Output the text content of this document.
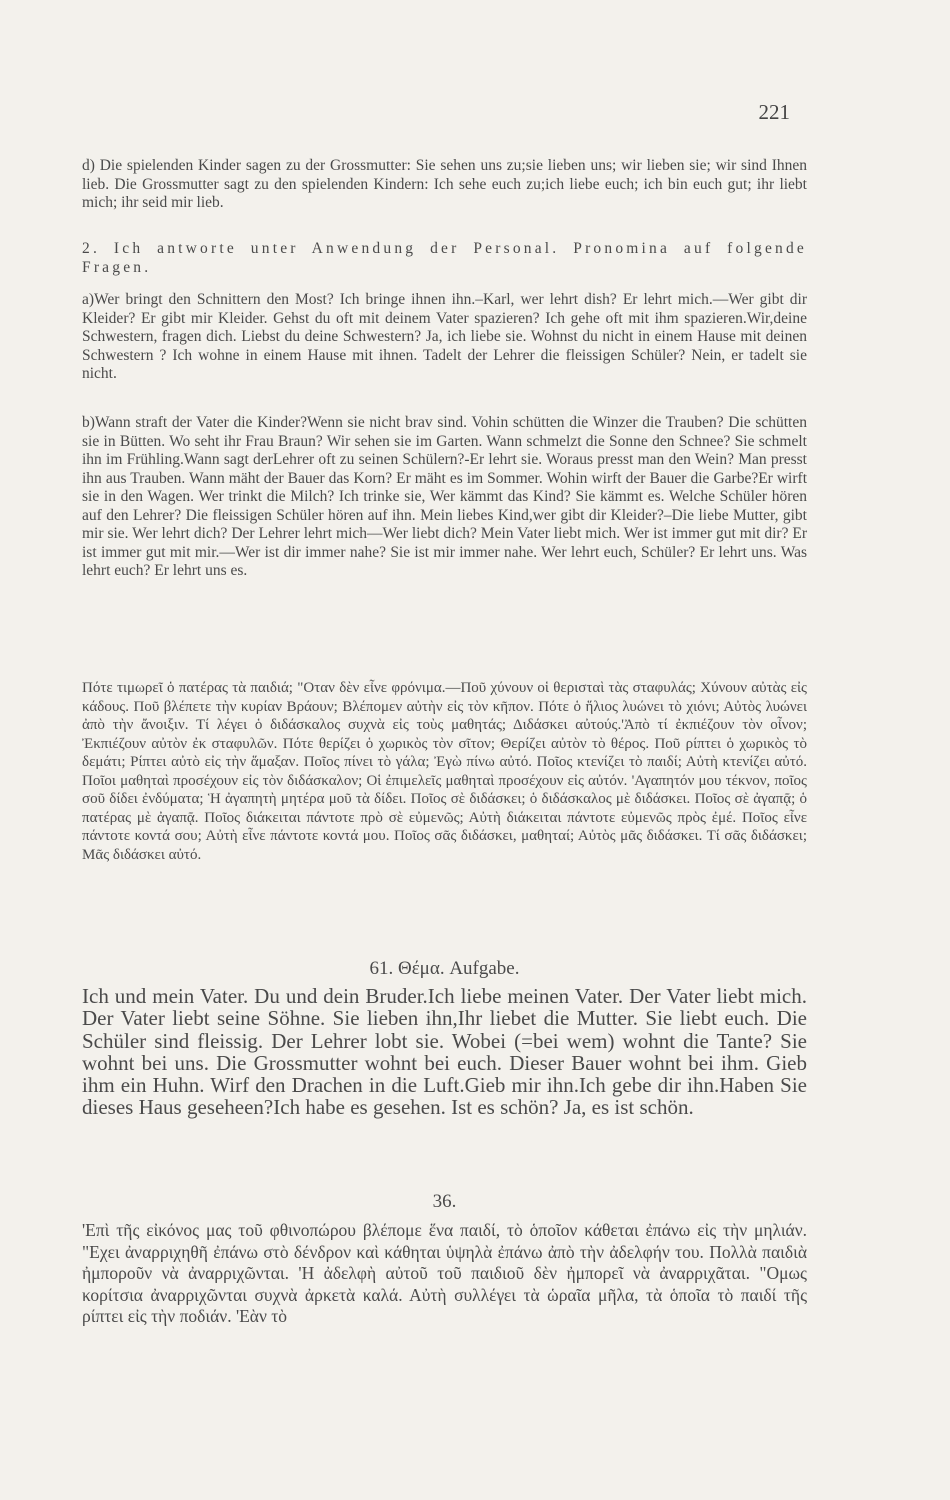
221
d) Die spielenden Kinder sagen zu der Grossmutter: Sie sehen uns zu;sie lieben uns; wir lieben sie; wir sind Ihnen lieb. Die Grossmutter sagt zu den spielenden Kindern: Ich sehe euch zu;ich liebe euch; ich bin euch gut; ihr liebt mich; ihr seid mir lieb.
2. Ich antworte unter Anwendung der Personal. Pronomina auf folgende Fragen.
a)Wer bringt den Schnittern den Most? Ich bringe ihnen ihn.–Karl, wer lehrt dish? Er lehrt mich.—Wer gibt dir Kleider? Er gibt mir Kleider. Gehst du oft mit deinem Vater spazieren? Ich gehe oft mit ihm spazieren.Wir,deine Schwestern, fragen dich. Liebst du deine Schwestern? Ja, ich liebe sie. Wohnst du nicht in einem Hause mit deinen Schwestern ? Ich wohne in einem Hause mit ihnen. Tadelt der Lehrer die fleissigen Schüler? Nein, er tadelt sie nicht.
b)Wann straft der Vater die Kinder?Wenn sie nicht brav sind. Vohin schütten die Winzer die Trauben? Die schütten sie in Bütten. Wo seht ihr Frau Braun? Wir sehen sie im Garten. Wann schmelzt die Sonne den Schnee? Sie schmelt ihn im Frühling.Wann sagt derLehrer oft zu seinen Schülern?-Er lehrt sie. Woraus presst man den Wein? Man presst ihn aus Trauben. Wann mäht der Bauer das Korn? Er mäht es im Sommer. Wohin wirft der Bauer die Garbe?Er wirft sie in den Wagen. Wer trinkt die Milch? Ich trinke sie, Wer kämmt das Kind? Sie kämmt es. Welche Schüler hören auf den Lehrer? Die fleissigen Schüler hören auf ihn. Mein liebes Kind,wer gibt dir Kleider?–Die liebe Mutter, gibt mir sie. Wer lehrt dich? Der Lehrer lehrt mich—Wer liebt dich? Mein Vater liebt mich. Wer ist immer gut mit dir? Er ist immer gut mit mir.—Wer ist dir immer nahe? Sie ist mir immer nahe. Wer lehrt euch, Schüler? Er lehrt uns. Was lehrt euch? Er lehrt uns es.
Πότε τιμωρεῖ ὁ πατέρας τὰ παιδιά; "Οταν δὲν εἶνε φρόνιμα.—Ποῦ χύνουν οἱ θερισταὶ τὰς σταφυλάς; Χύνουν αὐτὰς εἰς κάδους. Ποῦ βλέπετε τὴν κυρίαν Βράουν; Βλέπομεν αὐτὴν εἰς τὸν κῆπον. Πότε ὁ ἥλιος λυώνει τὸ χιόνι; Αὐτὸς λυώνει ἀπὸ τὴν ἄνοιξιν. Τί λέγει ὁ διδάσκαλος συχνὰ εἰς τοὺς μαθητάς; Διδάσκει αὐτούς.'Ἀπὸ τί ἐκπιέζουν τὸν οἶνον; Ἐκπιέζουν αὐτὸν ἐκ σταφυλῶν. Πότε θερίζει ὁ χωρικὸς τὸν σῖτον; Θερίζει αὐτὸν τὸ θέρος. Ποῦ ρίπτει ὁ χωρικὸς τὸ δεμάτι; Ρίπτει αὐτὸ εἰς τὴν ἅμαξαν. Ποῖος πίνει τὸ γάλα; Ἐγὼ πίνω αὐτό. Ποῖος κτενίζει τὸ παιδί; Αὐτὴ κτενίζει αὐτό. Ποῖοι μαθηταὶ προσέχουν εἰς τὸν διδάσκαλον; Οἱ ἐπιμελεῖς μαθηταὶ προσέχουν εἰς αὐτόν. 'Αγαπητόν μου τέκνον, ποῖος σοῦ δίδει ἐνδύματα; Ἡ ἀγαπητὴ μητέρα μοῦ τὰ δίδει. Ποῖος σὲ διδάσκει; ὁ διδάσκαλος μὲ διδάσκει. Ποῖος σὲ ἀγαπᾷ; ὁ πατέρας μὲ ἀγαπᾷ. Ποῖος διάκειται πάντοτε πρὸ σὲ εὐμενῶς; Αὐτὴ διάκειται πάντοτε εὐμενῶς πρὸς ἐμέ. Ποῖος εἶνε πάντοτε κοντά σου; Αὐτὴ εἶνε πάντοτε κοντά μου. Ποῖος σᾶς διδάσκει, μαθηταί; Αὐτὸς μᾶς διδάσκει. Τί σᾶς διδάσκει; Μᾶς διδάσκει αὐτό.
61. Θέμα. Aufgabe.
Ich und mein Vater. Du und dein Bruder.Ich liebe meinen Vater. Der Vater liebt mich. Der Vater liebt seine Söhne. Sie lieben ihn,Ihr liebet die Mutter. Sie liebt euch. Die Schüler sind fleissig. Der Lehrer lobt sie. Wobei (=bei wem) wohnt die Tante? Sie wohnt bei uns. Die Grossmutter wohnt bei euch. Dieser Bauer wohnt bei ihm. Gieb ihm ein Huhn. Wirf den Drachen in die Luft.Gieb mir ihn.Ich gebe dir ihn.Haben Sie dieses Haus geseheen?Ich habe es gesehen. Ist es schön? Ja, es ist schön.
36.
'Επὶ τῆς εἰκόνος μας τοῦ φθινοπώρου βλέπομε ἕνα παιδί, τὸ ὁποῖον κάθεται ἐπάνω εἰς τὴν μηλιάν. "Εχει ἀναρριχηθῆ ἐπάνω στὸ δένδρον καὶ κάθηται ὑψηλὰ ἐπάνω ἀπὸ τὴν ἀδελφήν του. Πολλὰ παιδιὰ ἠμποροῦν νὰ ἀναρριχῶνται. 'Η ἀδελφὴ αὐτοῦ τοῦ παιδιοῦ δὲν ἠμπορεῖ νὰ ἀναρριχᾶται. "Ομως κορίτσια ἀναρριχῶνται συχνὰ ἀρκετὰ καλά. Αὐτὴ συλλέγει τὰ ὡραῖα μῆλα, τὰ ὁποῖα τὸ παιδί τῆς ρίπτει εἰς τὴν ποδιάν. 'Εὰν τὸ
